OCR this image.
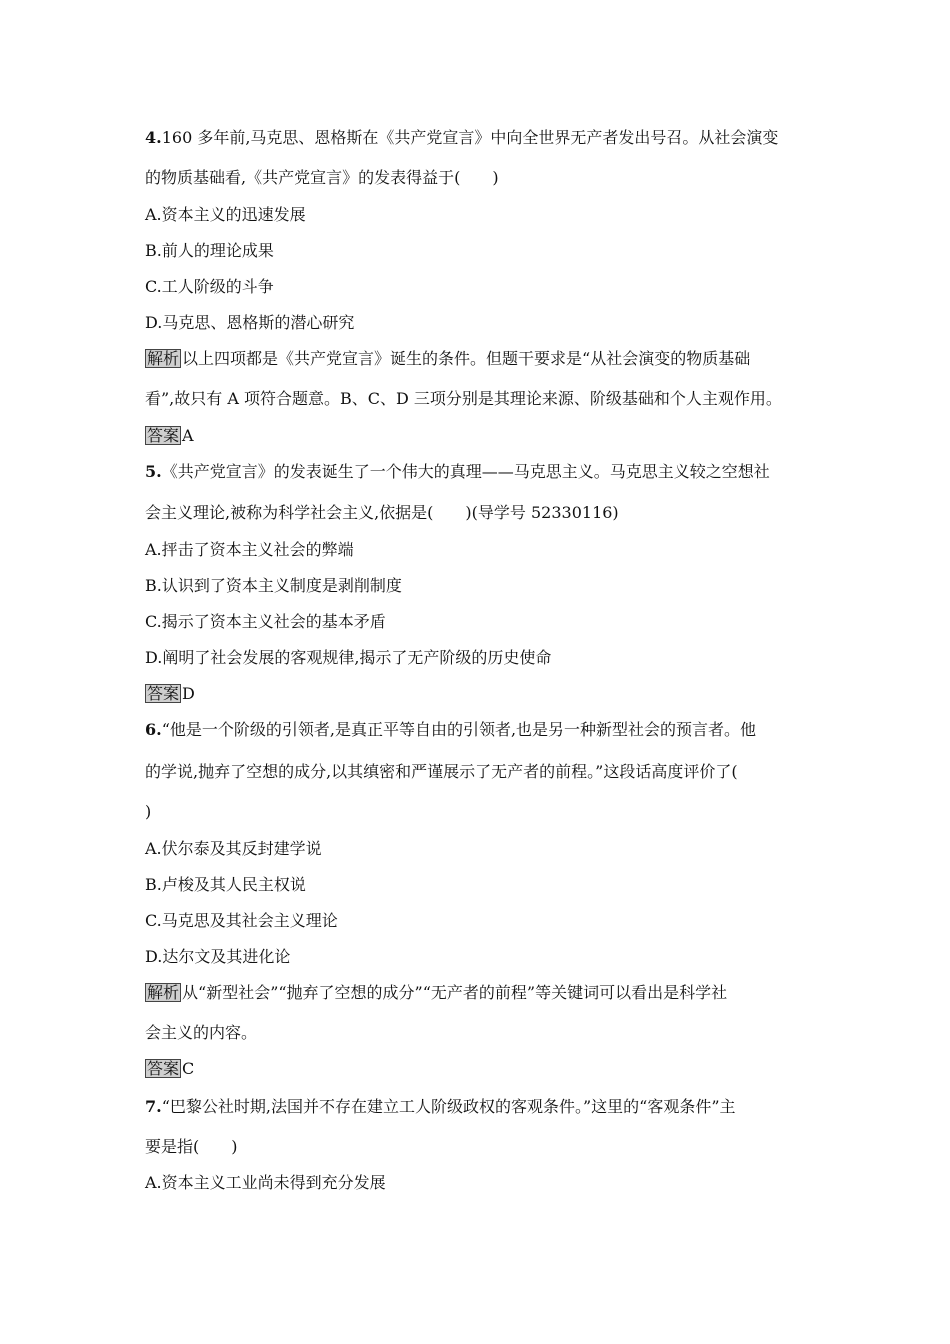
4.160 多年前,马克思、恩格斯在《共产党宣言》中向全世界无产者发出号召。从社会演变
的物质基础看,《共产党宣言》的发表得益于(　　)
A.资本主义的迅速发展
B.前人的理论成果
C.工人阶级的斗争
D.马克思、恩格斯的潜心研究
解析 以上四项都是《共产党宣言》诞生的条件。但题干要求是“从社会演变的物质基础
看”,故只有 A 项符合题意。B、C、D 三项分别是其理论来源、阶级基础和个人主观作用。
答案 A
5.《共产党宣言》的发表诞生了一个伟大的真理——马克思主义。马克思主义较之空想社
会主义理论,被称为科学社会主义,依据是(　　)(导学号 52330116)
A.抨击了资本主义社会的弊端
B.认识到了资本主义制度是剥削制度
C.揭示了资本主义社会的基本矛盾
D.阐明了社会发展的客观规律,揭示了无产阶级的历史使命
答案 D
6.“他是一个阶级的引领者,是真正平等自由的引领者,也是另一种新型社会的预言者。他
的学说,抛弃了空想的成分,以其缜密和严谨展示了无产者的前程。”这段话高度评价了(
)
A.伏尔泰及其反封建学说
B.卢梭及其人民主权说
C.马克思及其社会主义理论
D.达尔文及其进化论
解析 从“新型社会”“抛弃了空想的成分”“无产者的前程”等关键词可以看出是科学社
会主义的内容。
答案 C
7.“巴黎公社时期,法国并不存在建立工人阶级政权的客观条件。”这里的“客观条件”主
要是指(　　)
A.资本主义工业尚未得到充分发展
